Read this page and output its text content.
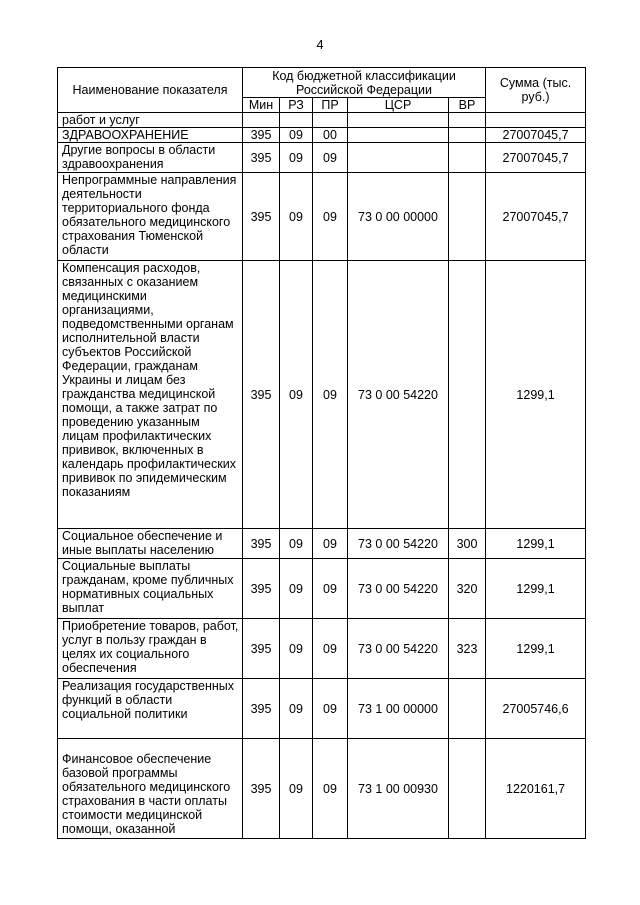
4
Наименование показателя	Код бюджетной классификации Российской Федерации					Сумма (тыс. руб.)
	Мин	РЗ	ПР	ЦСР	ВР	
работ и услуг						
ЗДРАВООХРАНЕНИЕ	395	09	00			27007045,7
Другие вопросы в области здравоохранения	395	09	09			27007045,7
Непрограммные направления деятельности территориального фонда обязательного медицинского страхования Тюменской области	395	09	09	73 0 00 00000		27007045,7
Компенсация расходов, связанных с оказанием медицинскими организациями, подведомственными органам исполнительной власти субъектов Российской Федерации, гражданам Украины и лицам без гражданства медицинской помощи, а также затрат по проведению указанным лицам профилактических прививок, включенных в календарь профилактических прививок по эпидемическим показаниям	395	09	09	73 0 00 54220		1299,1
Социальное обеспечение и иные выплаты населению	395	09	09	73 0 00 54220	300	1299,1
Социальные выплаты гражданам, кроме публичных нормативных социальных выплат	395	09	09	73 0 00 54220	320	1299,1
Приобретение товаров, работ, услуг в пользу граждан в целях их социального обеспечения	395	09	09	73 0 00 54220	323	1299,1
Реализация государственных функций в области социальной политики	395	09	09	73 1 00 00000		27005746,6
Финансовое обеспечение базовой программы обязательного медицинского страхования в части оплаты стоимости медицинской помощи, оказанной	395	09	09	73 1 00 00930		1220161,7
